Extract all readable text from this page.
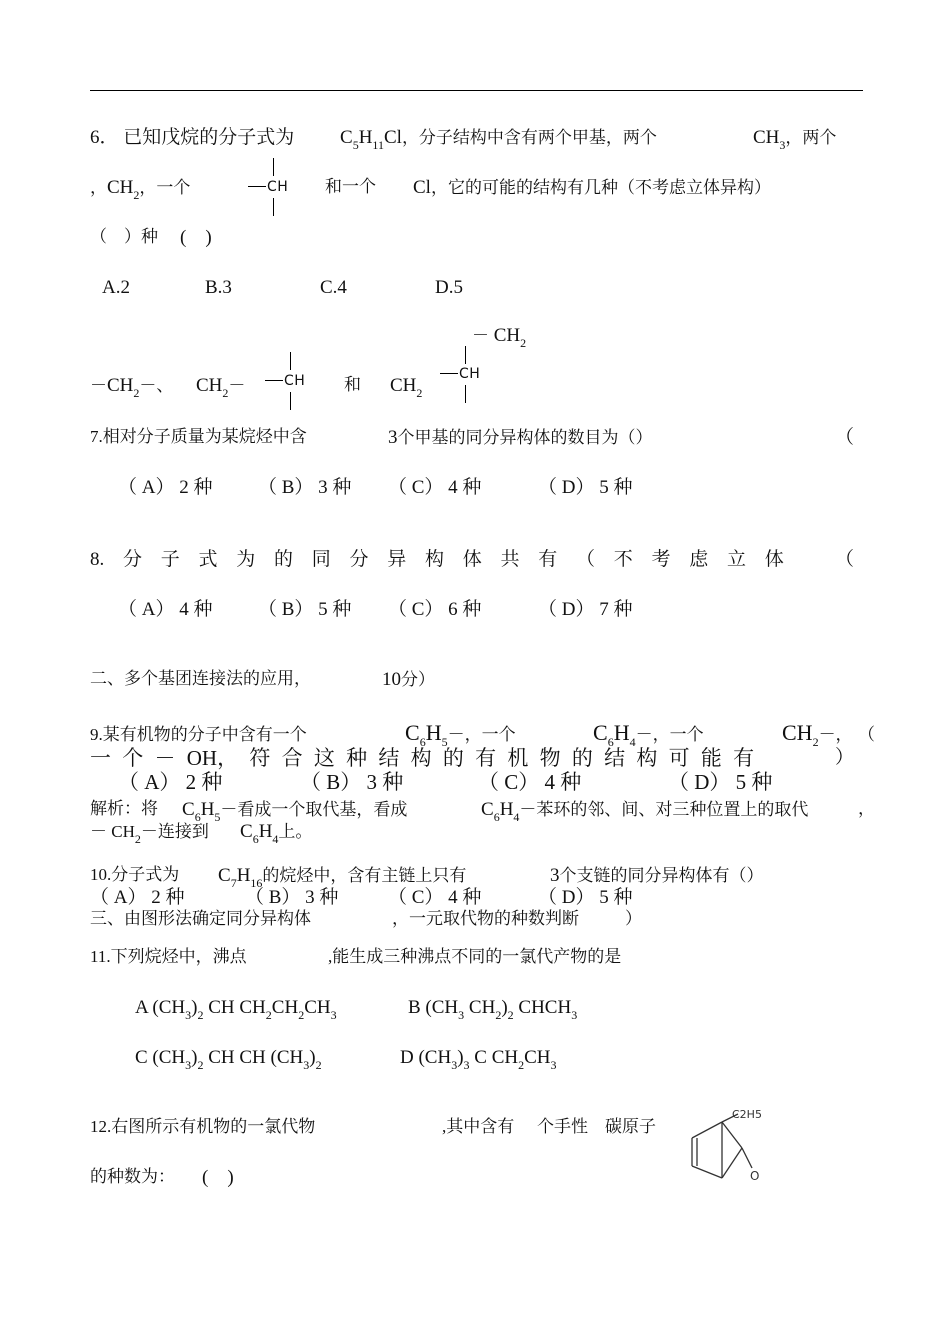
6． 已知戊烷的分子式为 $C_5H_{11}Cl$，分子结构中含有两个甲基，两个	$CH_3$，两个
，$CH_2$，一个	CH 和一个 Cl，它的可能的结构有几种（不考虑立体异构）
（　）种 (　)
A.2	B.3	C.4	D.5
－ $CH_2$
$-CH_2-$、 $CH_2-$	CH 和 $CH_2$
CH
7.相对分子质量为某烷烃中含	3个甲基的同分异构体的数目为（）	（
（ A） 2 种 （ B） 3 种 （ C） 4 种	（ D） 5 种
8. 分 子 式 为 的 同 分 异 构 体 共 有 （ 不 考 虑 立 体	（
（ A） 4 种 （ B） 5 种 （ C） 6 种	（ D） 7 种
二、多个基团连接法的应用，	10分）
9.某有机物的分子中含有一个	$C_6H_5-$，一个	$C_6H_4-$，一个	$CH_2-$， （
一 个 － OH， 符 合 这 种 结 构 的 有 机 物 的 结 构 可 能 有	）
（ A） 2 种	（ B） 3 种	（ C） 4 种	（ D） 5 种
解析：将 $C_6H_5-$看成一个取代基，看成	$C_6H_4-$苯环的邻、间、对三种位置上的取代	，
－ $CH_2-$连接到 $C_6H_4$上。
10.分子式为 $C_7H_{16}$的烷烃中，含有主链上只有	3个支链的同分异构体有（）
（ A） 2 种	（ B） 3 种	（ C） 4 种	（ D） 5 种
三、由图形法确定同分异构体	，一元取代物的种数判断	）
11.下列烷烃中，沸点	,能生成三种沸点不同的一氯代产物的是
A $(CH_3)_2$ CH $CH_2CH_2CH_3$	B ($CH_3$ $CH_2)_2$ $CHCH_3$
C $(CH_3)_2$ CH CH $(CH_3)_2$	D $(CH_3)_3$ C $CH_2CH_3$
12.右图所示有机物的一氯代物	,其中含有 个手性 碳原子
的种数为： (　)
C2H5
O
